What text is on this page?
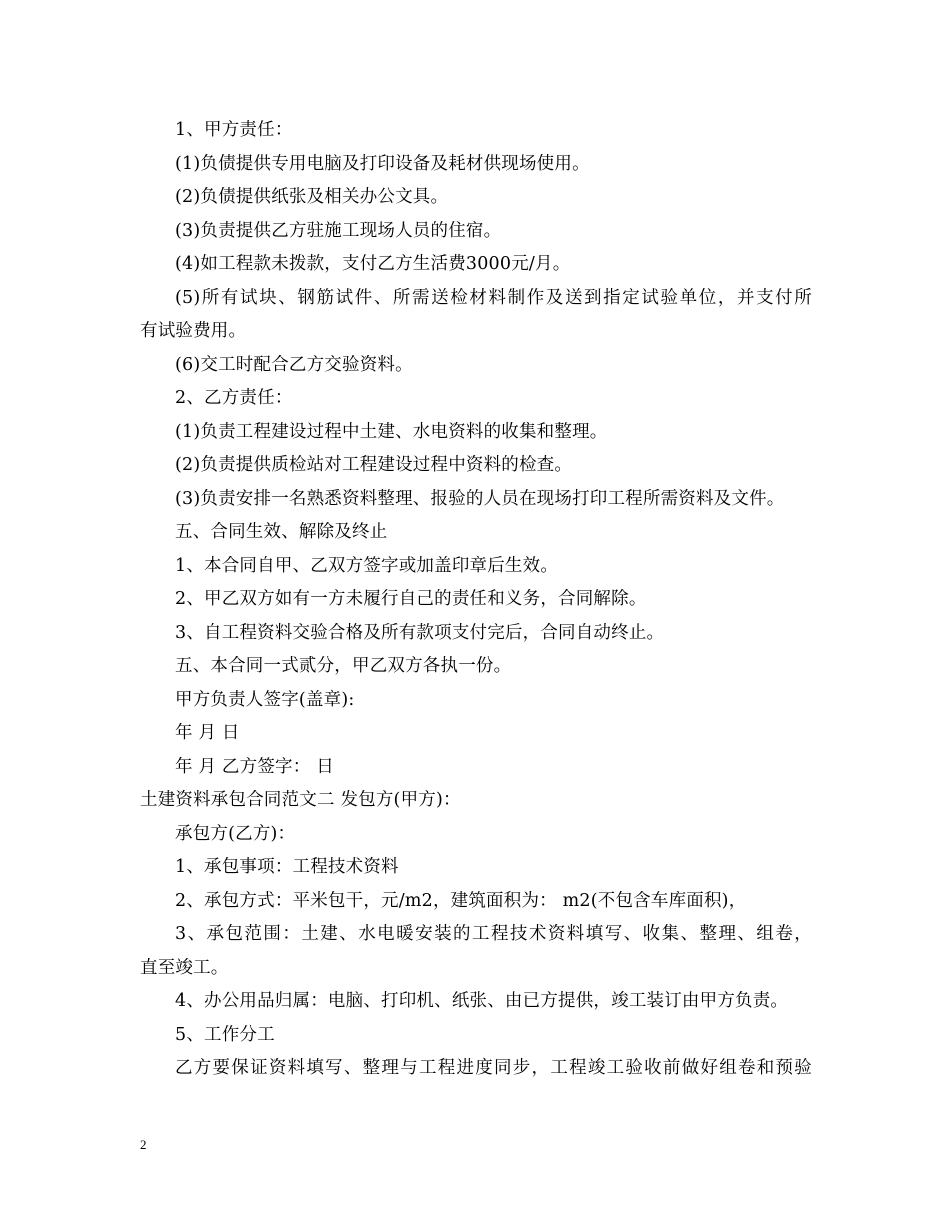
1、甲方责任：
(1)负债提供专用电脑及打印设备及耗材供现场使用。
(2)负债提供纸张及相关办公文具。
(3)负责提供乙方驻施工现场人员的住宿。
(4)如工程款未拨款，支付乙方生活费3000元/月。
(5)所有试块、钢筋试件、所需送检材料制作及送到指定试验单位，并支付所
有试验费用。
(6)交工时配合乙方交验资料。
2、乙方责任：
(1)负责工程建设过程中土建、水电资料的收集和整理。
(2)负责提供质检站对工程建设过程中资料的检查。
(3)负责安排一名熟悉资料整理、报验的人员在现场打印工程所需资料及文件。
五、合同生效、解除及终止
1、本合同自甲、乙双方签字或加盖印章后生效。
2、甲乙双方如有一方未履行自己的责任和义务，合同解除。
3、自工程资料交验合格及所有款项支付完后，合同自动终止。
五、本合同一式贰分，甲乙双方各执一份。
甲方负责人签字(盖章):
年 月 日
年 月 乙方签字： 日
土建资料承包合同范文二 发包方(甲方)：
承包方(乙方)：
1、承包事项：工程技术资料
2、承包方式：平米包干，元/m2，建筑面积为： m2(不包含车库面积)，
3、承包范围：土建、水电暖安装的工程技术资料填写、收集、整理、组卷，
直至竣工。
4、办公用品归属：电脑、打印机、纸张、由已方提供，竣工装订由甲方负责。
5、工作分工
乙方要保证资料填写、整理与工程进度同步，工程竣工验收前做好组卷和预验
2
